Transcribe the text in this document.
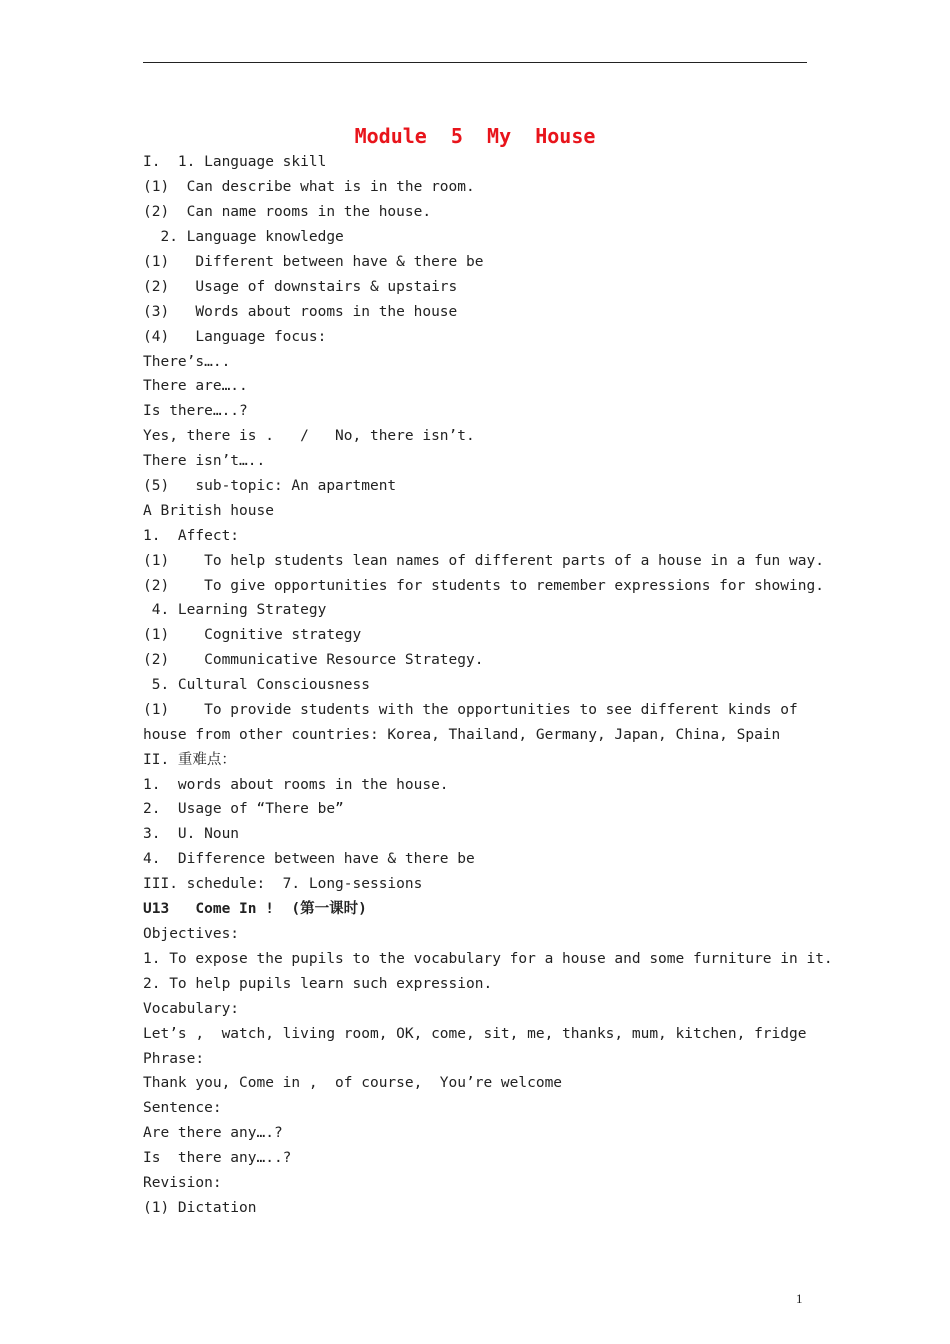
Module  5  My  House
I.  1. Language skill
(1)  Can describe what is in the room.
(2)  Can name rooms in the house.
2. Language knowledge
(1)   Different between have & there be
(2)   Usage of downstairs & upstairs
(3)   Words about rooms in the house
(4)   Language focus:
There’s…..
There are…..
Is there…..?
Yes, there is .   /   No, there isn’t.
There isn’t…..
(5)   sub-topic: An apartment
A British house
1.  Affect:
(1)    To help students lean names of different parts of a house in a fun way.
(2)    To give opportunities for students to remember expressions for showing.
4. Learning Strategy
(1)    Cognitive strategy
(2)    Communicative Resource Strategy.
5. Cultural Consciousness
(1)    To provide students with the opportunities to see different kinds of
house from other countries: Korea, Thailand, Germany, Japan, China, Spain
II. 重难点：
1.  words about rooms in the house.
2.  Usage of “There be”
3.  U. Noun
4.  Difference between have & there be
III. schedule:  7. Long-sessions
U13   Come In !  (第一课时)
Objectives:
1. To expose the pupils to the vocabulary for a house and some furniture in it.
2. To help pupils learn such expression.
Vocabulary:
Let’s ,  watch, living room, OK, come, sit, me, thanks, mum, kitchen, fridge
Phrase:
Thank you, Come in ,  of course,  You’re welcome
Sentence:
Are there any….?
Is  there any…..?
Revision:
(1) Dictation
1
